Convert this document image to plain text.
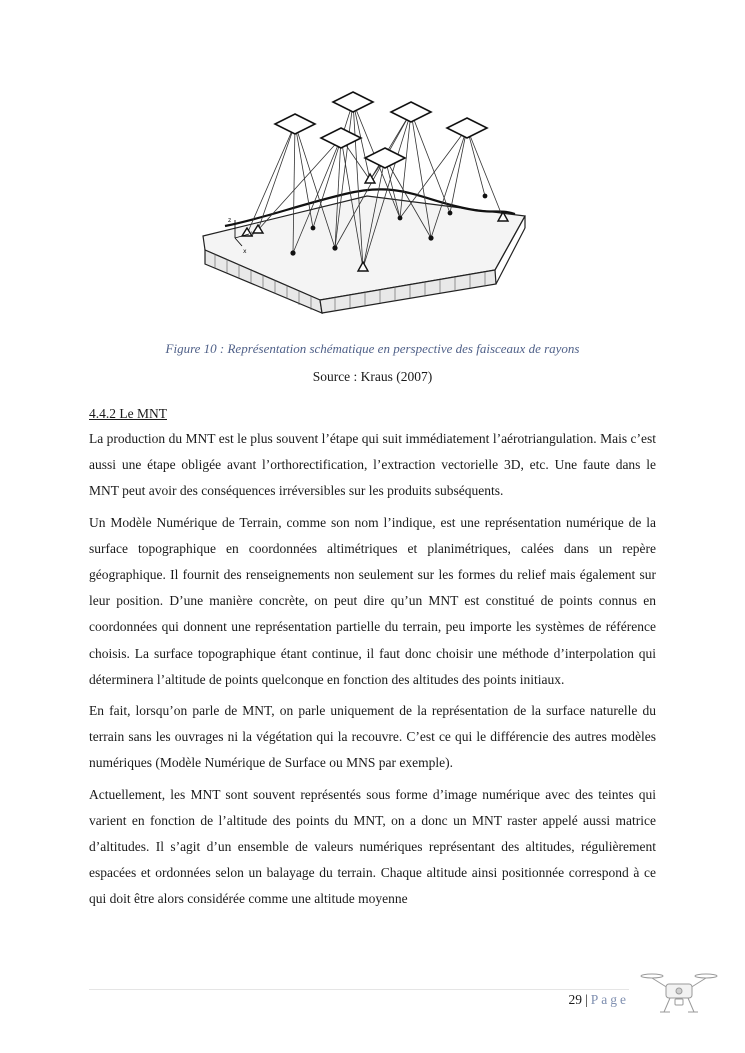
z
y
x
Figure 10 : Représentation schématique en perspective des faisceaux de rayons
Source : Kraus (2007)
4.4.2 Le MNT

La production du MNT est le plus souvent l’étape qui suit immédiatement l’aérotriangulation. Mais c’est aussi une étape obligée avant l’orthorectification, l’extraction vectorielle 3D, etc. Une faute dans le MNT peut avoir des conséquences irréversibles sur les produits subséquents.

Un Modèle Numérique de Terrain, comme son nom l’indique, est une représentation numérique de la surface topographique en coordonnées altimétriques et planimétriques, calées dans un repère géographique. Il fournit des renseignements non seulement sur les formes du relief mais également sur leur position. D’une manière concrète, on peut dire qu’un MNT est constitué de points connus en coordonnées qui donnent une représentation partielle du terrain, peu importe les systèmes de référence choisis. La surface topographique étant continue, il faut donc choisir une méthode d’interpolation qui déterminera l’altitude de points quelconque en fonction des altitudes des points initiaux.

En fait, lorsqu’on parle de MNT, on parle uniquement de la représentation de la surface naturelle du terrain sans les ouvrages ni la végétation qui la recouvre. C’est ce qui le différencie des autres modèles numériques (Modèle Numérique de Surface ou MNS par exemple).

Actuellement, les MNT sont souvent représentés sous forme d’image numérique avec des teintes qui varient en fonction de l’altitude des points du MNT, on a donc un MNT raster appelé aussi matrice d’altitudes. Il s’agit d’un ensemble de valeurs numériques représentant des altitudes, régulièrement espacées et ordonnées selon un balayage du terrain. Chaque altitude ainsi positionnée correspond à ce qui doit être alors considérée comme une altitude moyenne

29 | Page
